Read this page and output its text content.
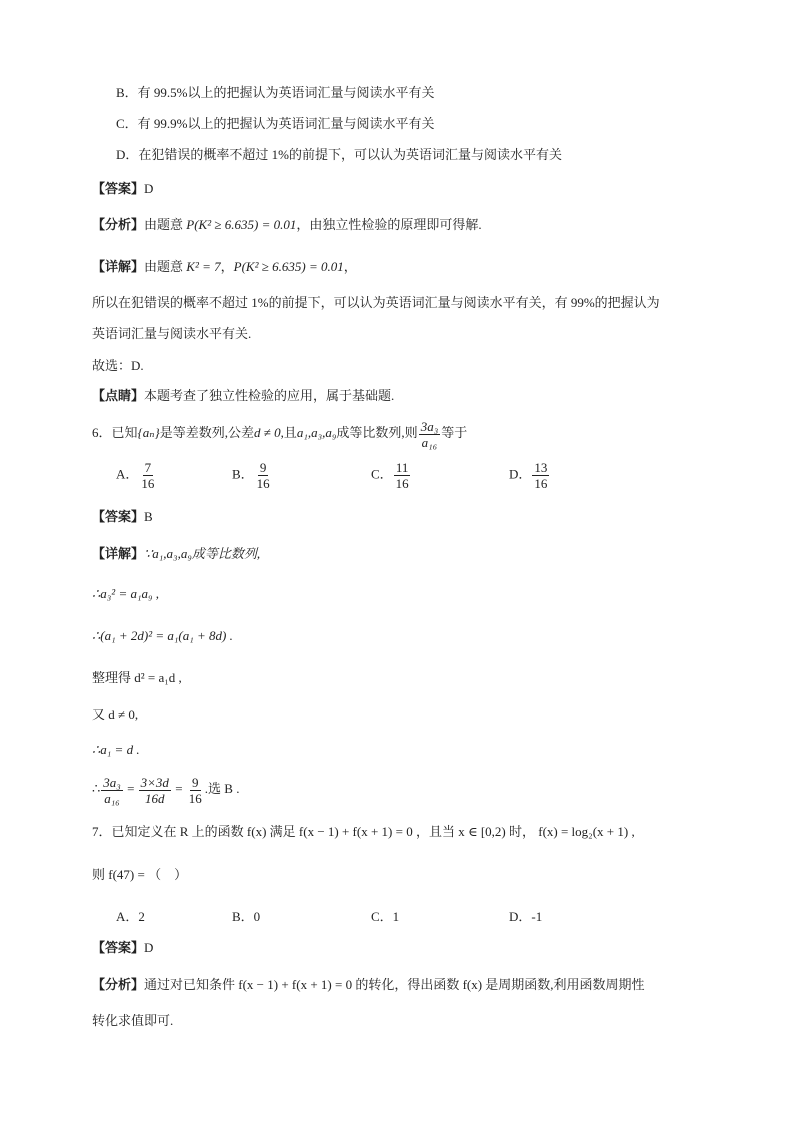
B．有 99.5%以上的把握认为英语词汇量与阅读水平有关
C．有 99.9%以上的把握认为英语词汇量与阅读水平有关
D．在犯错误的概率不超过 1%的前提下，可以认为英语词汇量与阅读水平有关
【答案】D
【分析】由题意 P(K² ≥ 6.635) = 0.01，由独立性检验的原理即可得解.
【详解】由题意 K² = 7，P(K² ≥ 6.635) = 0.01，
所以在犯错误的概率不超过 1%的前提下，可以认为英语词汇量与阅读水平有关，有 99%的把握认为
英语词汇量与阅读水平有关.
故选：D.
【点睛】本题考查了独立性检验的应用，属于基础题.
6．已知{aₙ}是等差数列,公差d ≠ 0,且a₁,a₃,a₉成等比数列,则 $\frac{\text{3a₃}}{\text{a₁₆}}$ 等于
A． $\frac{7}{16}$	B． $\frac{9}{16}$	C． $\frac{11}{16}$	D． $\frac{13}{16}$
【答案】B
【详解】∵a₁,a₃,a₉成等比数列,
∴a₃² = a₁a₉ ,
∴(a₁ + 2d)² = a₁(a₁ + 8d) .
整理得 d² = a₁d ,
又 d ≠ 0,
∴a₁ = d .
∴ $\frac{\text{3a₃}}{\text{a₁₆}} = \frac{3\times 3d}{16d} = \frac{9}{16}$ .选 B .
7．已知定义在 R 上的函数 f(x) 满足 f(x − 1) + f(x + 1) = 0 ，且当 x ∈ [0,2) 时， f(x) = log₂(x + 1) ,
则 f(47) = （　）
A．2	B．0	C．1	D．-1
【答案】D
【分析】通过对已知条件 f(x − 1) + f(x + 1) = 0 的转化，得出函数 f(x) 是周期函数,利用函数周期性
转化求值即可.
